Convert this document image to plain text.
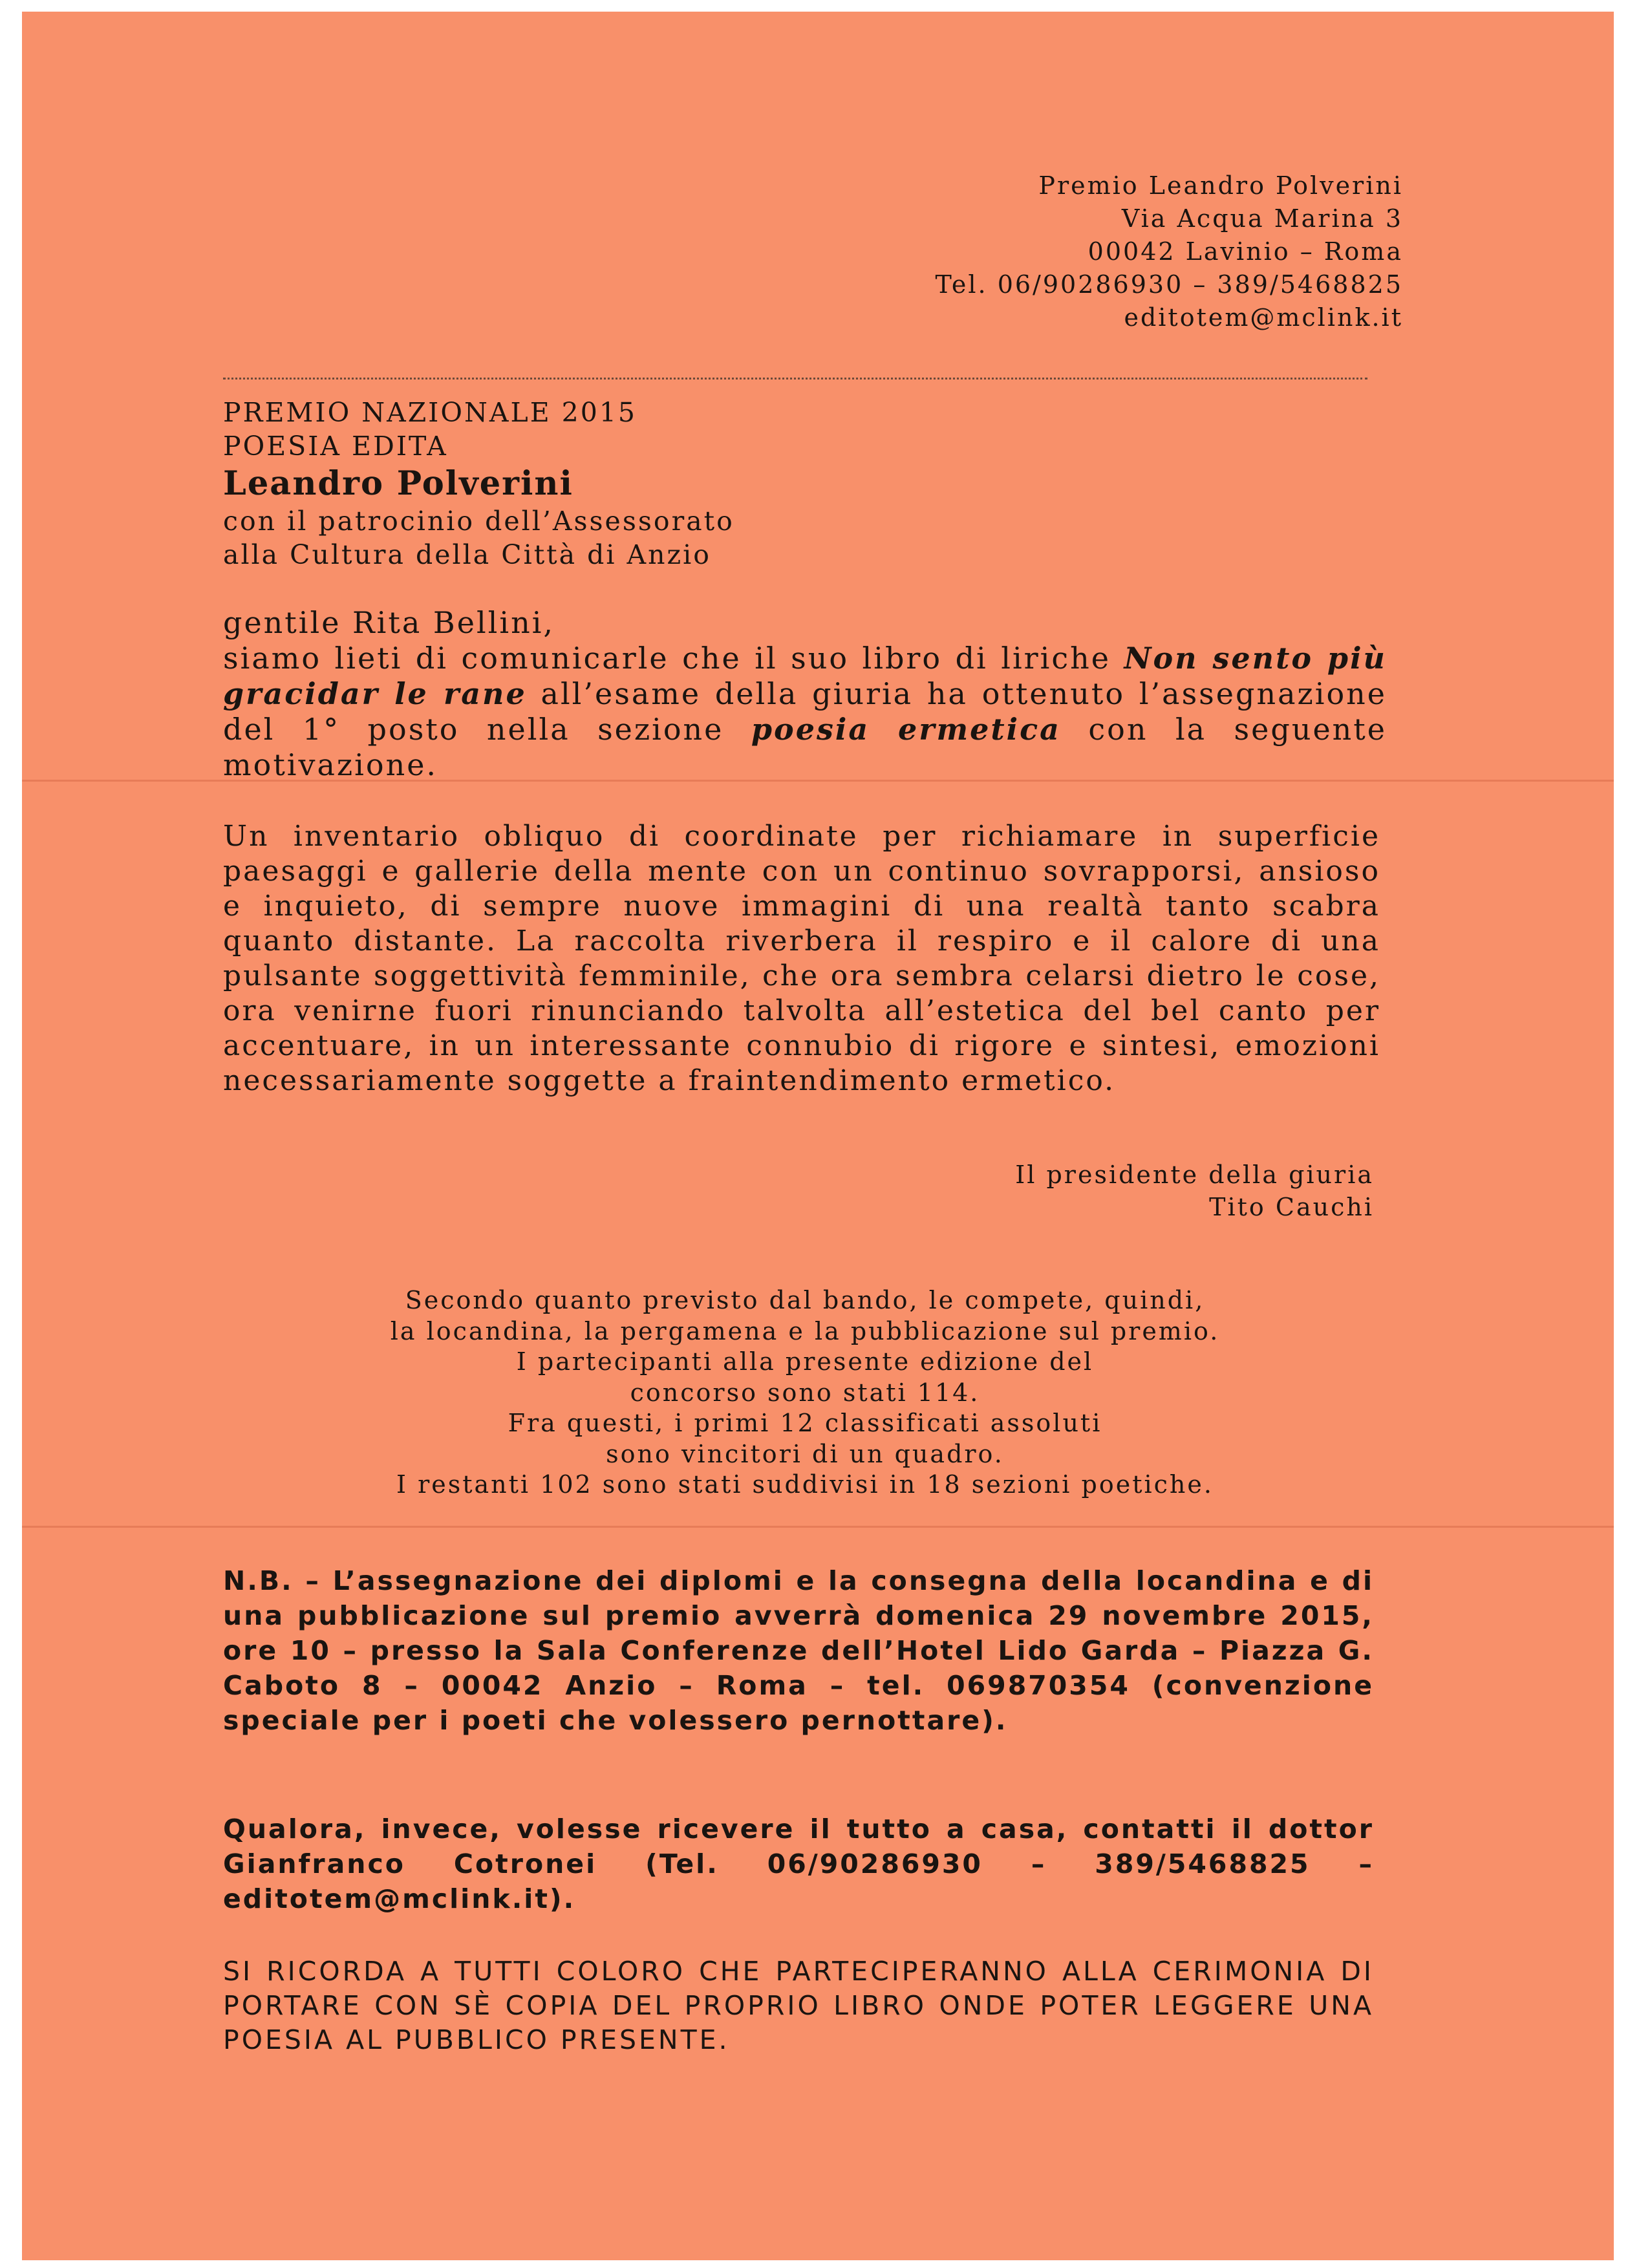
Premio Leandro Polverini
Via Acqua Marina 3
00042 Lavinio – Roma
Tel. 06/90286930 – 389/5468825
editotem@mclink.it
PREMIO NAZIONALE 2015
POESIA EDITA
Leandro Polverini
con il patrocinio dell’Assessorato
alla Cultura della Città di Anzio
gentile Rita Bellini,
siamo lieti di comunicarle che il suo libro di liriche Non sento più gracidar le rane all’esame della giuria ha ottenuto l’assegnazione del 1° posto nella sezione poesia ermetica con la seguente motivazione.
Un inventario obliquo di coordinate per richiamare in superficie paesaggi e gallerie della mente con un continuo sovrapporsi, ansioso e inquieto, di sempre nuove immagini di una realtà tanto scabra quanto distante. La raccolta riverbera il respiro e il calore di una pulsante soggettività femminile, che ora sembra celarsi dietro le cose, ora venirne fuori rinunciando talvolta all’estetica del bel canto per accentuare, in un interessante connubio di rigore e sintesi, emozioni necessariamente soggette a fraintendimento ermetico.
Il presidente della giuria
Tito Cauchi
Secondo quanto previsto dal bando, le compete, quindi,
la locandina, la pergamena e la pubblicazione sul premio.
I partecipanti alla presente edizione del
concorso sono stati 114.
Fra questi, i primi 12 classificati assoluti
sono vincitori di un quadro.
I restanti 102 sono stati suddivisi in 18 sezioni poetiche.
N.B. – L’assegnazione dei diplomi e la consegna della locandina e di una pubblicazione sul premio avverrà domenica 29 novembre 2015, ore 10 – presso la Sala Conferenze dell’Hotel Lido Garda – Piazza G. Caboto 8 – 00042 Anzio – Roma – tel. 069870354 (convenzione speciale per i poeti che volessero pernottare).
Qualora, invece, volesse ricevere il tutto a casa, contatti il dottor Gianfranco Cotronei (Tel. 06/90286930 – 389/5468825 – editotem@mclink.it).
SI RICORDA A TUTTI COLORO CHE PARTECIPERANNO ALLA CERIMONIA DI PORTARE CON SÈ COPIA DEL PROPRIO LIBRO ONDE POTER LEGGERE UNA POESIA AL PUBBLICO PRESENTE.
